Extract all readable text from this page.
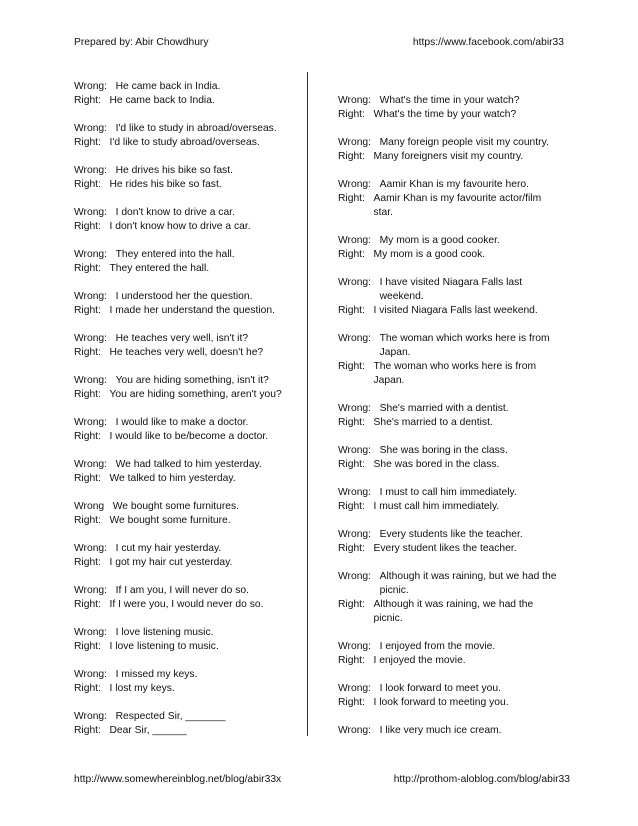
Prepared by: Abir Chowdhury	https://www.facebook.com/abir33
Wrong:
He came back in India.
Right:
He came back to India.
Wrong:
I'd like to study in abroad/overseas.
Right:
I'd like to study abroad/overseas.
Wrong:
He drives his bike so fast.
Right:
He rides his bike so fast.
Wrong:
I don't know to drive a car.
Right:
I don't know how to drive a car.
Wrong:
They entered into the hall.
Right:
They entered the hall.
Wrong:
I understood her the question.
Right:
I made her understand the question.
Wrong:
He teaches very well, isn't it?
Right:
He teaches very well, doesn't he?
Wrong:
You are hiding something, isn't it?
Right:
You are hiding something, aren't you?
Wrong:
I would like to make a doctor.
Right:
I would like to be/become a doctor.
Wrong:
We had talked to him yesterday.
Right:
We talked to him yesterday.
Wrong
We bought some furnitures.
Right:
We bought some furniture.
Wrong:
I cut my hair yesterday.
Right:
I got my hair cut yesterday.
Wrong:
If I am you, I will never do so.
Right:
If I were you, I would never do so.
Wrong:
I love listening music.
Right:
I love listening to music.
Wrong:
I missed my keys.
Right:
I lost my keys.
Wrong:
Respected Sir, _______
Right:
Dear Sir, ______
Wrong:
What's the time in your watch?
Right:
What's the time by your watch?
Wrong:
Many foreign people visit my country.
Right:
Many foreigners visit my country.
Wrong:
Aamir Khan is my favourite hero.
Right:
Aamir Khan is my favourite actor/film star.
Wrong:
My mom is a good cooker.
Right:
My mom is a good cook.
Wrong:
I have visited Niagara Falls last weekend.
Right:
I visited Niagara Falls last weekend.
Wrong:
The woman which works here is from Japan.
Right:
The woman who works here is from Japan.
Wrong:
She's married with a dentist.
Right:
She's married to a dentist.
Wrong:
She was boring in the class.
Right:
She was bored in the class.
Wrong:
I must to call him immediately.
Right:
I must call him immediately.
Wrong:
Every students like the teacher.
Right:
Every student likes the teacher.
Wrong:
Although it was raining, but we had the picnic.
Right:
Although it was raining, we had the picnic.
Wrong:
I enjoyed from the movie.
Right:
I enjoyed the movie.
Wrong:
I look forward to meet you.
Right:
I look forward to meeting you.
Wrong:
I like very much ice cream.
http://www.somewhereinblog.net/blog/abir33x	http://prothom-aloblog.com/blog/abir33
